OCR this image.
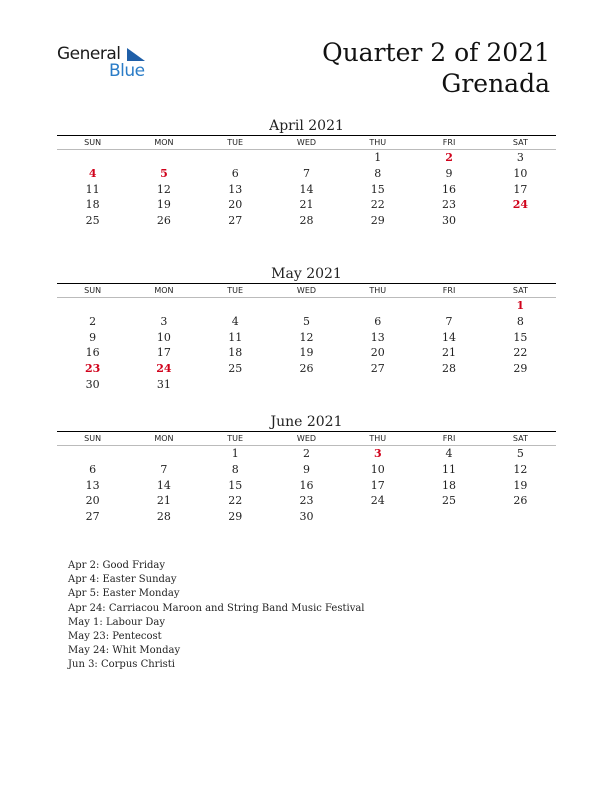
General
Blue
Quarter 2 of 2021
Grenada
April 2021
SUN	MON	TUE	WED	THU	FRI	SAT
				1	2	3
4	5	6	7	8	9	10
11	12	13	14	15	16	17
18	19	20	21	22	23	24
25	26	27	28	29	30	
May 2021
SUN	MON	TUE	WED	THU	FRI	SAT
						1
2	3	4	5	6	7	8
9	10	11	12	13	14	15
16	17	18	19	20	21	22
23	24	25	26	27	28	29
30	31					
June 2021
SUN	MON	TUE	WED	THU	FRI	SAT
		1	2	3	4	5
6	7	8	9	10	11	12
13	14	15	16	17	18	19
20	21	22	23	24	25	26
27	28	29	30			
Apr 2: Good Friday
Apr 4: Easter Sunday
Apr 5: Easter Monday
Apr 24: Carriacou Maroon and String Band Music Festival
May 1: Labour Day
May 23: Pentecost
May 24: Whit Monday
Jun 3: Corpus Christi
